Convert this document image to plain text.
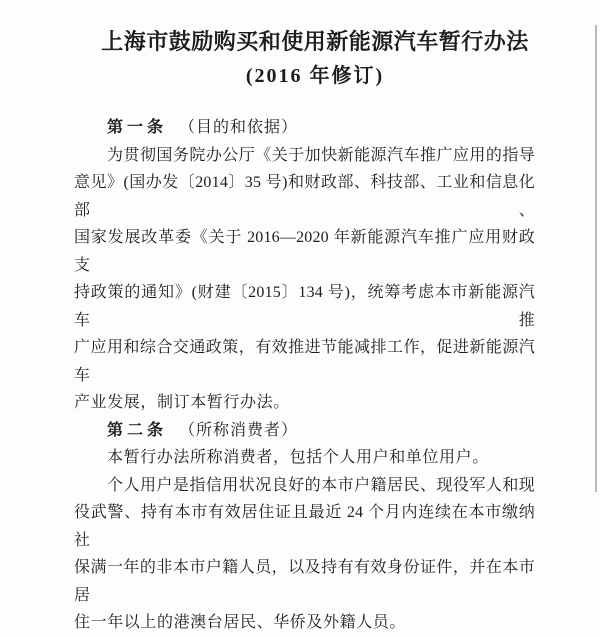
上海市鼓励购买和使用新能源汽车暂行办法
(2016 年修订)
第一条 （目的和依据）
为贯彻国务院办公厅《关于加快新能源汽车推广应用的指导
意见》(国办发〔2014〕35 号)和财政部、科技部、工业和信息化部、
国家发展改革委《关于 2016—2020 年新能源汽车推广应用财政支
持政策的通知》(财建〔2015〕134 号)，统筹考虑本市新能源汽车推
广应用和综合交通政策，有效推进节能减排工作，促进新能源汽车
产业发展，制订本暂行办法。
第二条 （所称消费者）
本暂行办法所称消费者，包括个人用户和单位用户。
个人用户是指信用状况良好的本市户籍居民、现役军人和现
役武警、持有本市有效居住证且最近 24 个月内连续在本市缴纳社
保满一年的非本市户籍人员，以及持有有效身份证件，并在本市居
住一年以上的港澳台居民、华侨及外籍人员。
